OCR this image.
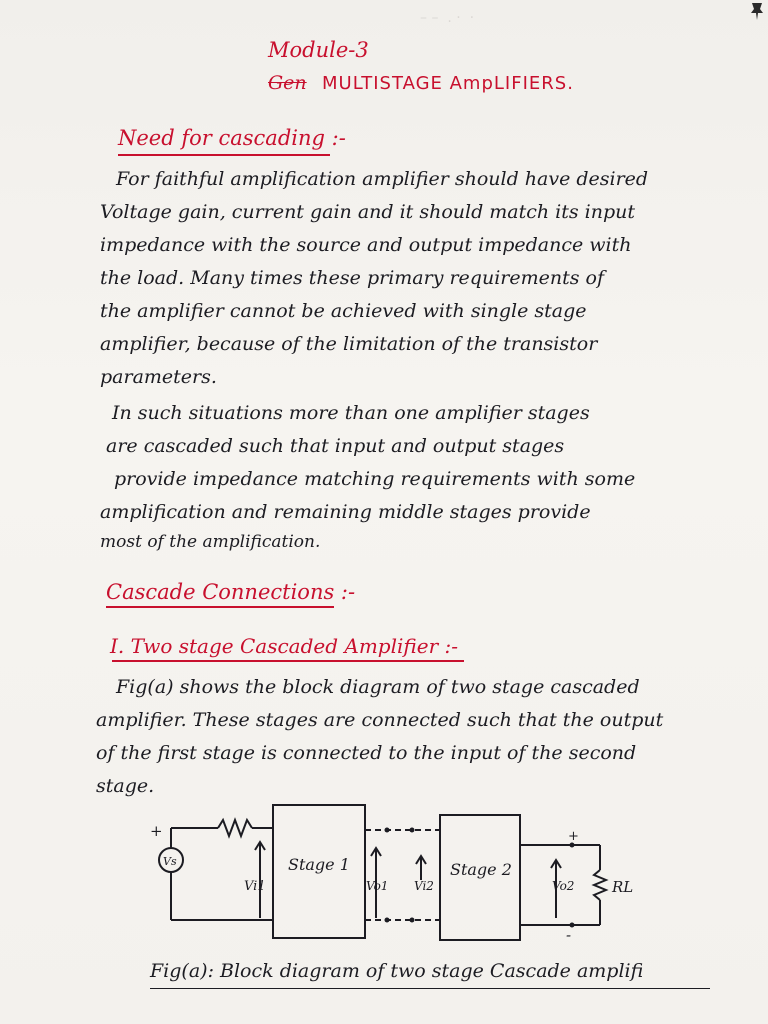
– –  . ·  ·
Module-3
Gen MULTISTAGE AmpLIFIERS.
Need for cascading :-
For faithful amplification amplifier should have desired
Voltage gain, current gain and it should match its input
impedance with the source and output impedance with
the load. Many times these primary requirements of
the amplifier cannot be achieved with single stage
amplifier, because of the limitation of the transistor
parameters.
In such situations more than one amplifier stages
are cascaded such that input and output stages
provide impedance matching requirements with some
amplification and remaining middle stages provide
most of the amplification.
Cascade Connections :-
I. Two stage Cascaded Amplifier :-
Fig(a) shows the block diagram of two stage cascaded
amplifier. These stages are connected such that the output
of the first stage is connected to the input of the second
stage.
Vs
+
Vi1
Stage 1
Vo1 Vi2
Stage 2
Vo2
+
-
RL
Fig(a): Block diagram of two stage Cascade amplifi
